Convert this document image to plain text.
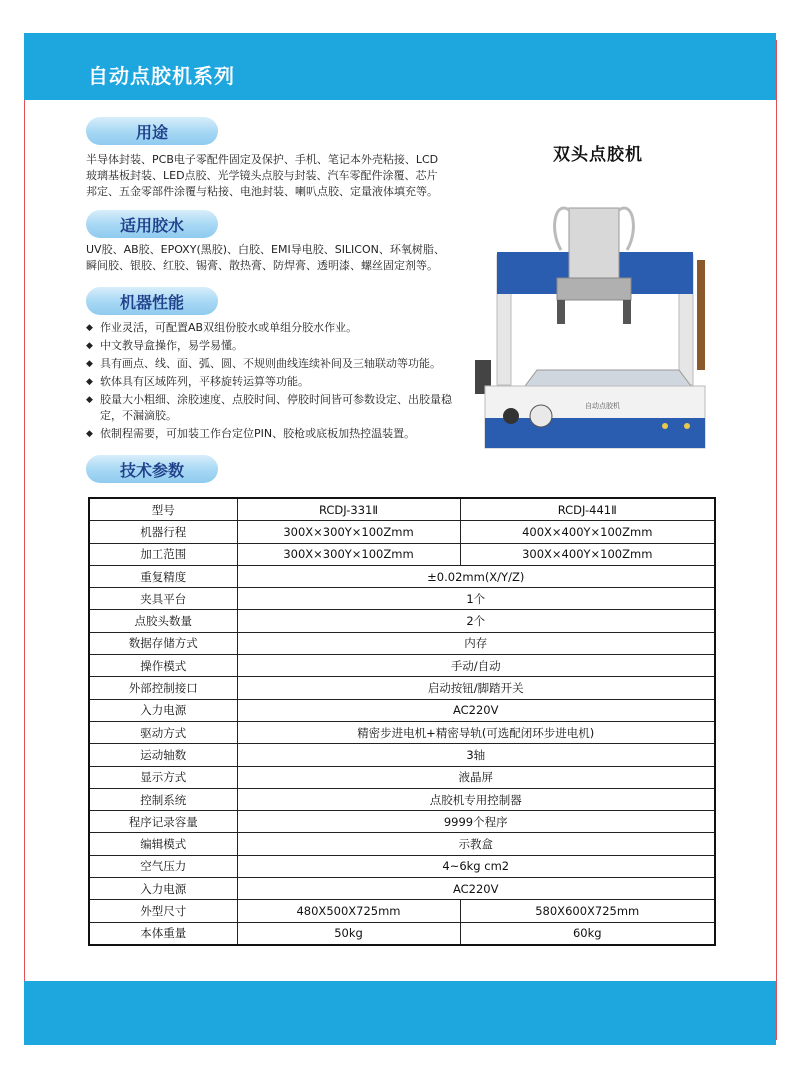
自动点胶机系列
用途

半导体封装、PCB电子零配件固定及保护、手机、笔记本外壳粘接、LCD
玻璃基板封装、LED点胶、光学镜头点胶与封装、汽车零配件涂覆、芯片
邦定、五金零部件涂覆与粘接、电池封装、喇叭点胶、定量液体填充等。

适用胶水

UV胶、AB胶、EPOXY(黑胶)、白胶、EMI导电胶、SILICON、环氧树脂、
瞬间胶、银胶、红胶、锡膏、散热膏、防焊膏、透明漆、螺丝固定剂等。

机器性能
◆ 作业灵活，可配置AB双组份胶水或单组分胶水作业。
◆ 中文教导盒操作，易学易懂。
◆ 具有画点、线、面、弧、圆、不规则曲线连续补间及三轴联动等功能。
◆ 软体具有区域阵列，平移旋转运算等功能。
◆ 胶量大小粗细、涂胶速度、点胶时间、停胶时间皆可参数设定、出胶量稳定，不漏滴胶。
◆ 依制程需要，可加装工作台定位PIN、胶枪或底板加热控温装置。
技术参数
双头点胶机
自动点胶机
型号	RCDJ-331Ⅱ	RCDJ-441Ⅱ
机器行程	300X×300Y×100Zmm	400X×400Y×100Zmm
加工范围	300X×300Y×100Zmm	300X×400Y×100Zmm
重复精度	±0.02mm(X/Y/Z)	
夹具平台	1个	
点胶头数量	2个	
数据存储方式	内存	
操作模式	手动/自动	
外部控制接口	启动按钮/脚踏开关	
入力电源	AC220V	
驱动方式	精密步进电机+精密导轨(可选配闭环步进电机)	
运动轴数	3轴	
显示方式	液晶屏	
控制系统	点胶机专用控制器	
程序记录容量	9999个程序	
编辑模式	示教盒	
空气压力	4~6kg cm2	
入力电源	AC220V	
外型尺寸	480X500X725mm	580X600X725mm
本体重量	50kg	60kg
